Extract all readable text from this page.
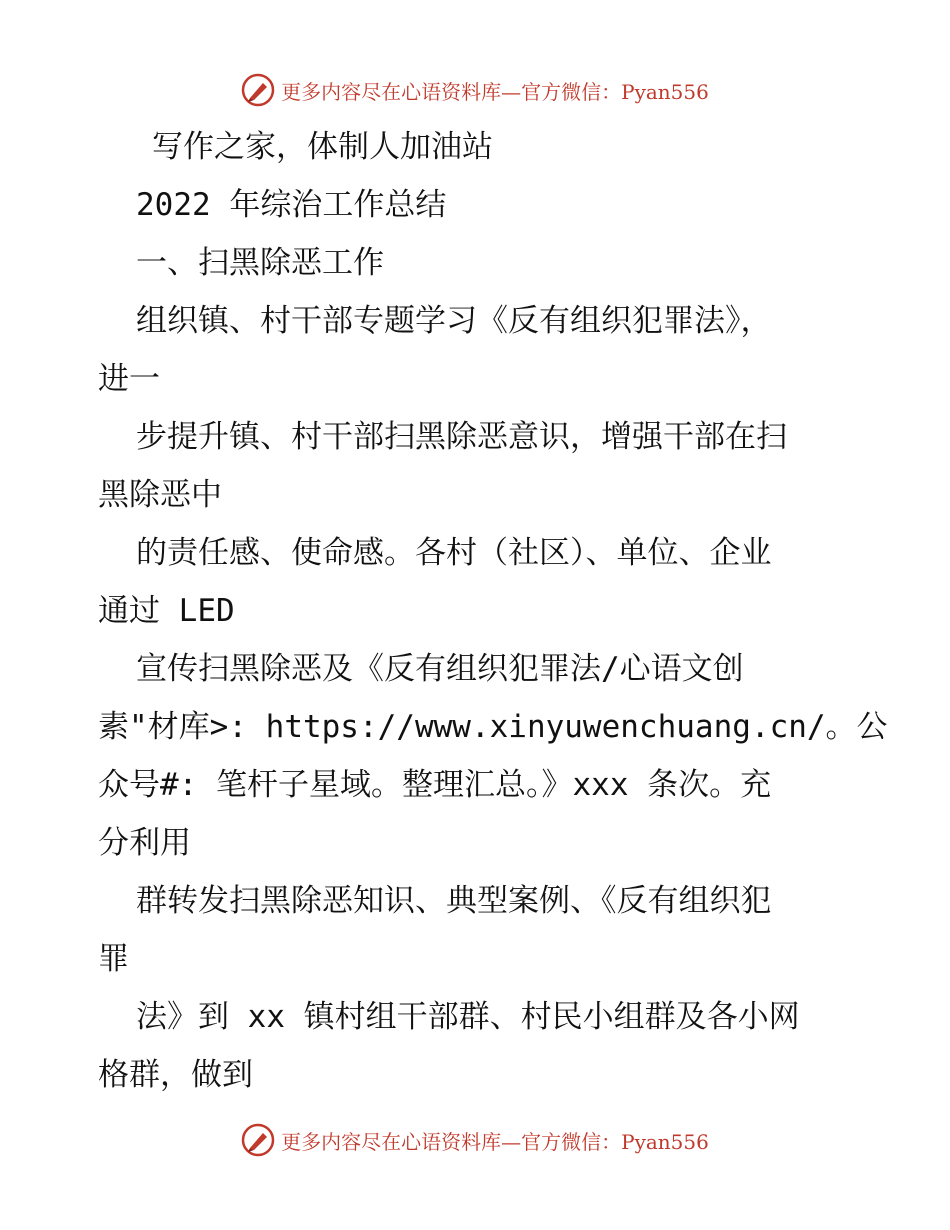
更多内容尽在心语资料库—官方微信：Pyan556
写作之家，体制人加油站
2022 年综治工作总结
一、扫黑除恶工作
组织镇、村干部专题学习《反有组织犯罪法》，
进一
步提升镇、村干部扫黑除恶意识，增强干部在扫
黑除恶中
的责任感、使命感。各村（社区）、单位、企业
通过 LED
宣传扫黑除恶及《反有组织犯罪法/心语文创
素"材库>: https://www.xinyuwenchuang.cn/。公
众号#: 笔杆子星域。整理汇总。》xxx 条次。充
分利用
群转发扫黑除恶知识、典型案例、《反有组织犯
罪
法》到 xx 镇村组干部群、村民小组群及各小网
格群，做到
更多内容尽在心语资料库—官方微信：Pyan556
